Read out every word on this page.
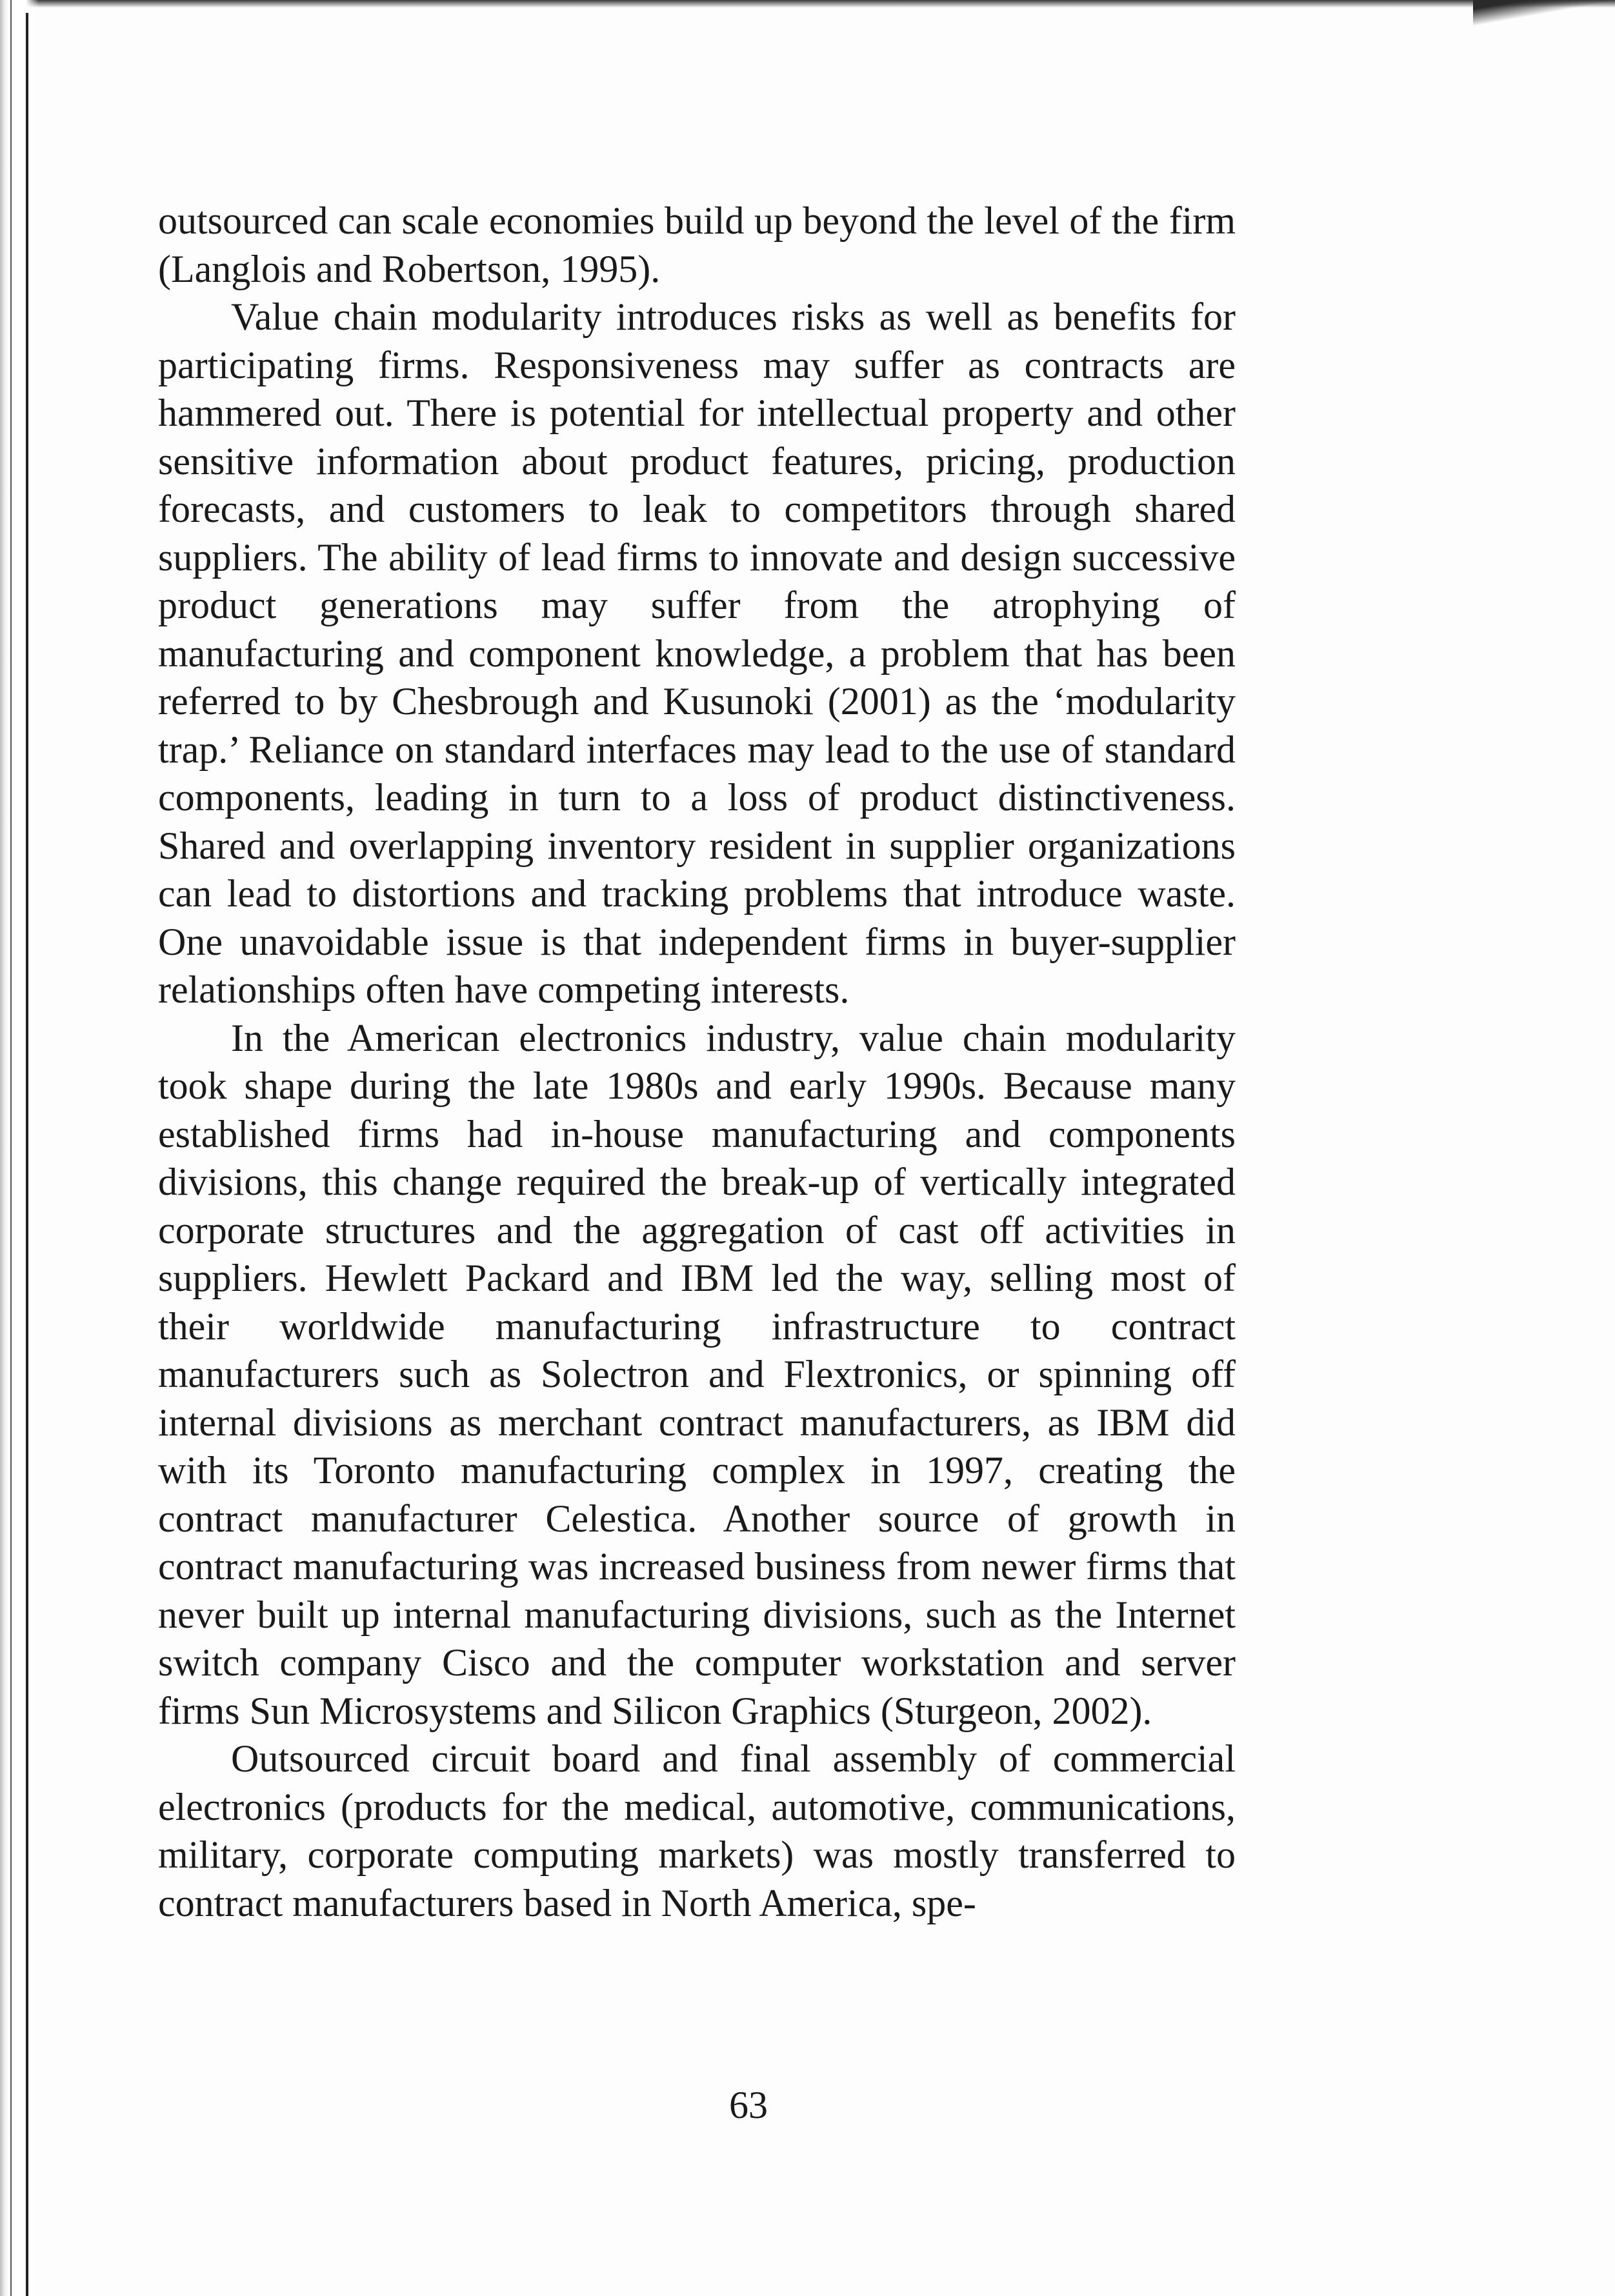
outsourced can scale economies build up beyond the level of the firm (Langlois and Robertson, 1995).

Value chain modularity introduces risks as well as benefits for participating firms. Responsiveness may suffer as contracts are hammered out. There is potential for intellectual property and other sensitive information about product features, pricing, production forecasts, and customers to leak to competitors through shared suppliers. The ability of lead firms to innovate and design successive product generations may suffer from the atrophying of manufacturing and component knowledge, a problem that has been referred to by Chesbrough and Kusunoki (2001) as the ‘modularity trap.’ Reliance on standard interfaces may lead to the use of standard components, leading in turn to a loss of product distinctiveness. Shared and overlapping inventory resident in supplier organizations can lead to distortions and tracking problems that introduce waste. One unavoidable issue is that independent firms in buyer-supplier relationships often have competing interests.

In the American electronics industry, value chain modularity took shape during the late 1980s and early 1990s. Because many established firms had in-house manufacturing and components divisions, this change required the break-up of vertically integrated corporate structures and the aggregation of cast off activities in suppliers. Hewlett Packard and IBM led the way, selling most of their worldwide manufacturing infrastructure to contract manufacturers such as Solectron and Flextronics, or spinning off internal divisions as merchant contract manufacturers, as IBM did with its Toronto manufacturing complex in 1997, creating the contract manufacturer Celestica. Another source of growth in contract manufacturing was increased business from newer firms that never built up internal manufacturing divisions, such as the Internet switch company Cisco and the computer workstation and server firms Sun Microsystems and Silicon Graphics (Sturgeon, 2002).

Outsourced circuit board and final assembly of commercial electronics (products for the medical, automotive, communications, military, corporate computing markets) was mostly transferred to contract manufacturers based in North America, spe-

63
